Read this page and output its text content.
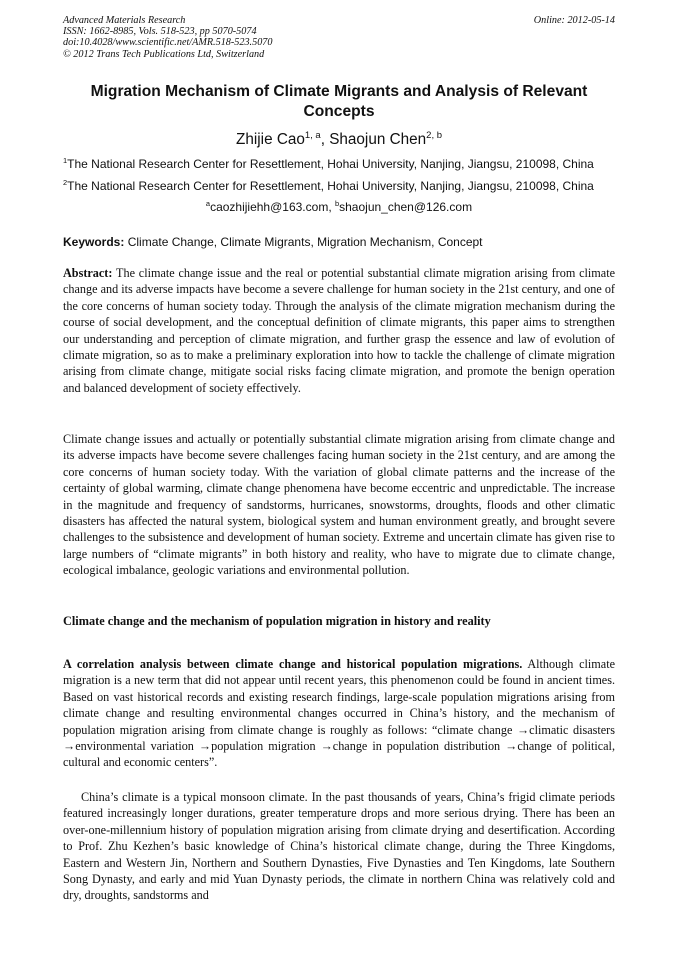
Advanced Materials Research
ISSN: 1662-8985, Vols. 518-523, pp 5070-5074
doi:10.4028/www.scientific.net/AMR.518-523.5070
© 2012 Trans Tech Publications Ltd, Switzerland
Online: 2012-05-14
Migration Mechanism of Climate Migrants and Analysis of Relevant Concepts
Zhijie Cao$^{1, a}$, Shaojun Chen$^{2, b}$
$^1$The National Research Center for Resettlement, Hohai University, Nanjing, Jiangsu, 210098, China
$^2$The National Research Center for Resettlement, Hohai University, Nanjing, Jiangsu, 210098, China
$^a$caozhijiehh@163.com, $^b$shaojun_chen@126.com
Keywords: Climate Change, Climate Migrants, Migration Mechanism, Concept
Abstract: The climate change issue and the real or potential substantial climate migration arising from climate change and its adverse impacts have become a severe challenge for human society in the 21st century, and one of the core concerns of human society today. Through the analysis of the climate migration mechanism during the course of social development, and the conceptual definition of climate migrants, this paper aims to strengthen our understanding and perception of climate migration, and further grasp the essence and law of evolution of climate migration, so as to make a preliminary exploration into how to tackle the challenge of climate migration arising from climate change, mitigate social risks facing climate migration, and promote the benign operation and balanced development of society effectively.
Climate change issues and actually or potentially substantial climate migration arising from climate change and its adverse impacts have become severe challenges facing human society in the 21st century, and are among the core concerns of human society today. With the variation of global climate patterns and the increase of the certainty of global warming, climate change phenomena have become eccentric and unpredictable. The increase in the magnitude and frequency of sandstorms, hurricanes, snowstorms, droughts, floods and other climatic disasters has affected the natural system, biological system and human environment greatly, and brought severe challenges to the subsistence and development of human society. Extreme and uncertain climate has given rise to large numbers of “climate migrants” in both history and reality, who have to migrate due to climate change, ecological imbalance, geologic variations and environmental pollution.
Climate change and the mechanism of population migration in history and reality
A correlation analysis between climate change and historical population migrations. Although climate migration is a new term that did not appear until recent years, this phenomenon could be found in ancient times. Based on vast historical records and existing research findings, large-scale population migrations arising from climate change and resulting environmental changes occurred in China’s history, and the mechanism of population migration arising from climate change is roughly as follows: “climate change →climatic disasters →environmental variation →population migration →change in population distribution →change of political, cultural and economic centers”.
China’s climate is a typical monsoon climate. In the past thousands of years, China’s frigid climate periods featured increasingly longer durations, greater temperature drops and more serious drying. There has been an over-one-millennium history of population migration arising from climate drying and desertification. According to Prof. Zhu Kezhen’s basic knowledge of China’s historical climate change, during the Three Kingdoms, Eastern and Western Jin, Northern and Southern Dynasties, Five Dynasties and Ten Kingdoms, late Southern Song Dynasty, and early and mid Yuan Dynasty periods, the climate in northern China was relatively cold and dry, droughts, sandstorms and
